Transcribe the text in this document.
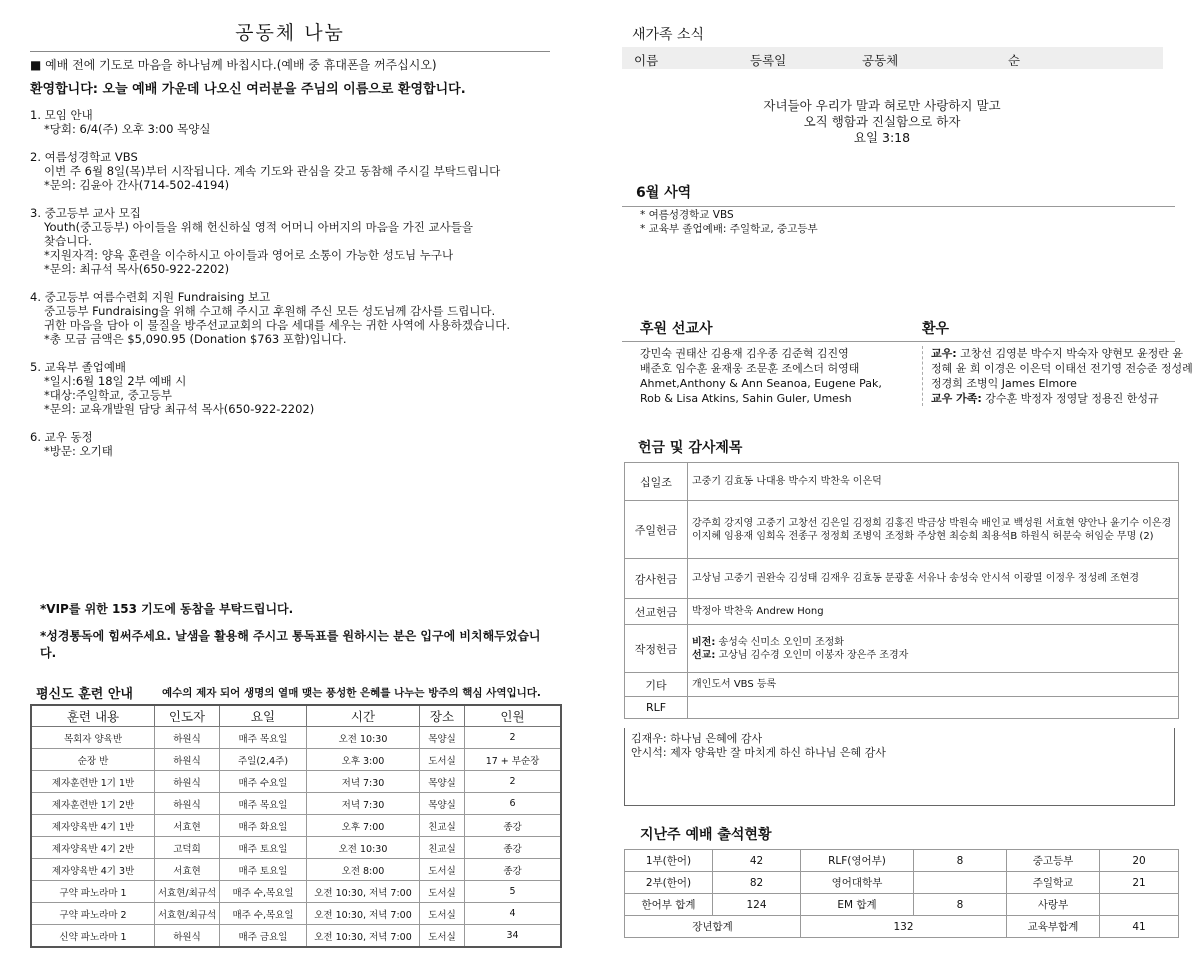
공동체 나눔
■ 예배 전에 기도로 마음을 하나님께 바칩시다.(예배 중 휴대폰을 꺼주십시오)
환영합니다: 오늘 예배 가운데 나오신 여러분을 주님의 이름으로 환영합니다.
1. 모임 안내
*당회: 6/4(주) 오후 3:00 목양실
2. 여름성경학교 VBS
이번 주 6월 8일(목)부터 시작됩니다. 계속 기도와 관심을 갖고 동참해 주시길 부탁드립니다
*문의: 김윤아 간사(714-502-4194)
3. 중고등부 교사 모집
Youth(중고등부) 아이들을 위해 헌신하실 영적 어머니 아버지의 마음을 가진 교사들을
찾습니다.
*지원자격: 양육 훈련을 이수하시고 아이들과 영어로 소통이 가능한 성도님 누구나
*문의: 최규석 목사(650-922-2202)
4. 중고등부 여름수련회 지원 Fundraising 보고
중고등부 Fundraising을 위해 수고해 주시고 후원해 주신 모든 성도님께 감사를 드립니다.
귀한 마음을 담아 이 물질을 방주선교교회의 다음 세대를 세우는 귀한 사역에 사용하겠습니다.
*총 모금 금액은 $5,090.95 (Donation $763 포함)입니다.
5. 교육부 졸업예배
*일시:6월 18일 2부 예배 시
*대상:주일학교, 중고등부
*문의: 교육개발원 담당 최규석 목사(650-922-2202)
6. 교우 동정
*방문: 오기태
*VIP를 위한 153 기도에 동참을 부탁드립니다.
*성경통독에 힘써주세요. 날샘을 활용해 주시고 통독표를 원하시는 분은 입구에 비치해두었습니다.
평신도 훈련 안내	예수의 제자 되어 생명의 열매 맺는 풍성한 은혜를 나누는 방주의 핵심 사역입니다.
훈련 내용	인도자	요일	시간	장소	인원
목회자 양육반	하원식	매주 목요일	오전 10:30	목양실	2
순장 반	하원식	주일(2,4주)	오후 3:00	도서실	17 + 부순장
제자훈련반 1기 1반	하원식	매주 수요일	저녁 7:30	목양실	2
제자훈련반 1기 2반	하원식	매주 목요일	저녁 7:30	목양실	6
제자양육반 4기 1반	서효현	매주 화요일	오후 7:00	친교실	종강
제자양육반 4기 2반	고덕희	매주 토요일	오전 10:30	친교실	종강
제자양육반 4기 3반	서효현	매주 토요일	오전 8:00	도서실	종강
구약 파노라마 1	서효현/최규석	매주 수,목요일	오전 10:30, 저녁 7:00	도서실	5
구약 파노라마 2	서효현/최규석	매주 수,목요일	오전 10:30, 저녁 7:00	도서실	4
신약 파노라마 1	하원식	매주 금요일	오전 10:30, 저녁 7:00	도서실	34
새가족 소식
이름	등록일	공동체	순
자녀들아 우리가 말과 혀로만 사랑하지 말고
오직 행함과 진실함으로 하자
요일 3:18
6월 사역
* 여름성경학교 VBS
* 교육부 졸업예배: 주일학교, 중고등부
후원 선교사	환우
강민숙 권태산 김용재 김우종 김준혁 김진영
배준호 임수훈 윤재웅 조문훈 조에스더 허영태
Ahmet,Anthony & Ann Seanoa, Eugene Pak,
Rob & Lisa Atkins, Sahin Guler, Umesh
교우: 고창선 김영분 박수지 박숙자 양현모 윤정란 윤정혜 윤 희 이경은 이은덕 이태선 전기영 전승준 정성례 정경희 조병익 James Elmore
교우 가족: 강수훈 박정자 정영달 정용진 한성규
헌금 및 감사제목
십일조	고중기 김효동 나대용 박수지 박찬욱 이은덕
주일헌금	강주희 강지영 고중기 고창선 김은일 김정희 김홍진 박금상 박원숙 배인교 백성원 서효현 양안나 윤기수 이은경 이지혜 임용재 임희옥 전종구 정정희 조병익 조정화 주상현 최승희 최용석B 하원식 허문숙 허임순 무명 (2)
감사헌금	고상님 고중기 권완숙 김성태 김재우 김효동 문광훈 서유나 송성숙 안시석 이광열 이정우 정성례 조현경
선교헌금	박정아 박찬욱 Andrew Hong
작정헌금	비전: 송성숙 신미소 오인미 조정화
선교: 고상님 김수경 오인미 이봉자 장은주 조경자
기타	개인도서 VBS 등록
RLF	
김재우: 하나님 은혜에 감사
안시석: 제자 양육반 잘 마치게 하신 하나님 은혜 감사
지난주 예배 출석현황
1부(한어)	42	RLF(영어부)	8	중고등부	20
2부(한어)	82	영어대학부		주일학교	21
한어부 합계	124	EM 합계	8	사랑부	
장년합계		132		교육부합계	41
